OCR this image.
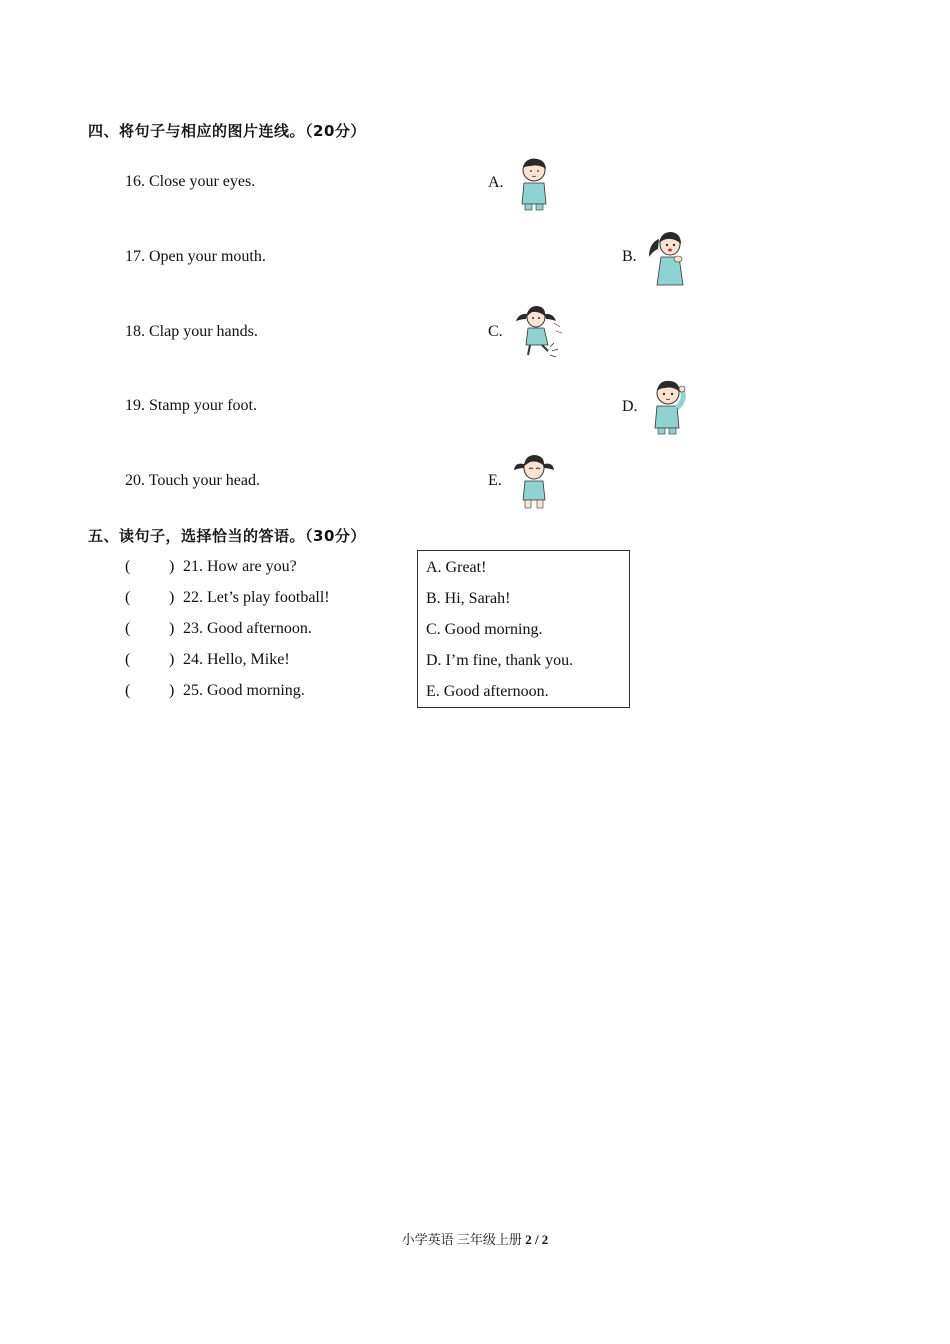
四、将句子与相应的图片连线。（20分）
16. Close your eyes.
17. Open your mouth.
18. Clap your hands.
19. Stamp your foot.
20. Touch your head.
A.
B.
C.
D.
E.
五、读句子，选择恰当的答语。（30分）
( ) 21. How are you?
( ) 22. Let’s play football!
( ) 23. Good afternoon.
( ) 24. Hello, Mike!
( ) 25. Good morning.
A. Great!
B. Hi, Sarah!
C. Good morning.
D. I’m fine, thank you.
E. Good afternoon.
小学英语 三年级上册 2 / 2
